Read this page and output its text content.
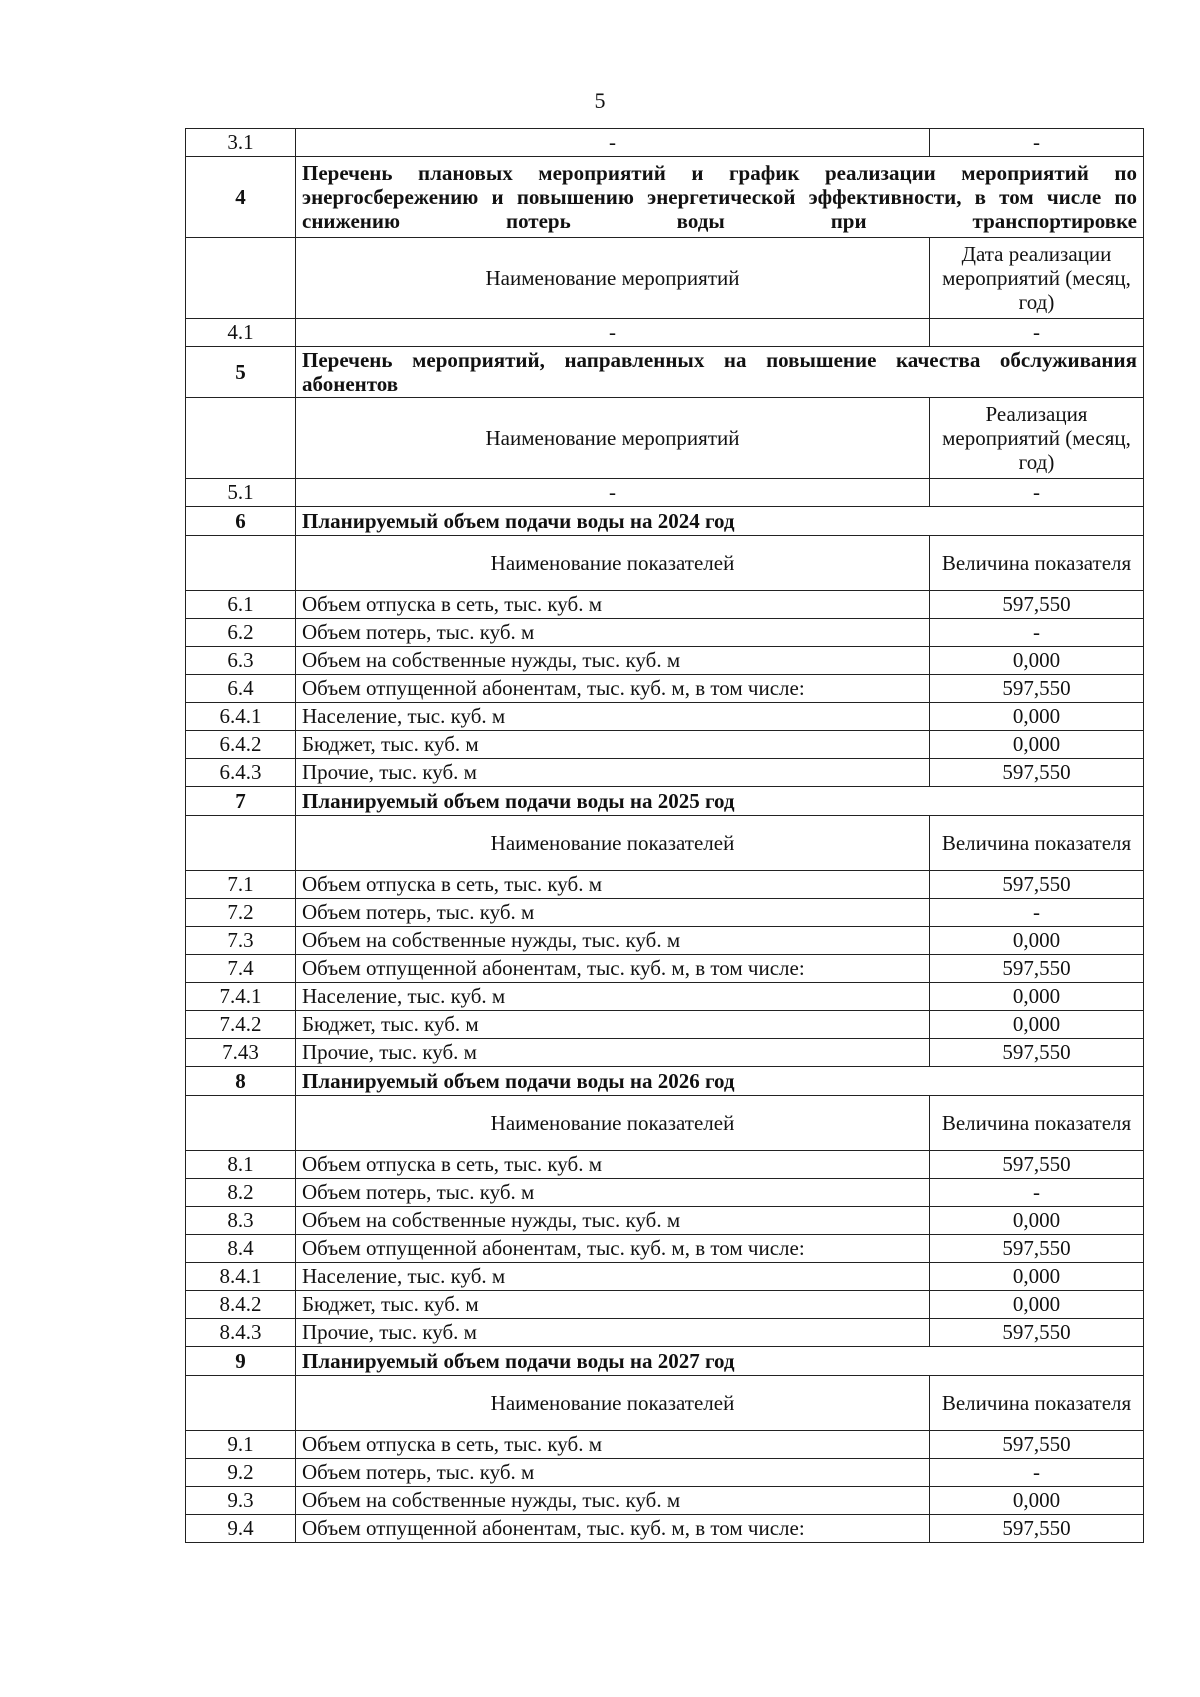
5
3.1	-	-
4	Перечень плановых мероприятий и график реализации мероприятий по энергосбережению и повышению энергетической эффективности, в том числе по снижению потерь воды при транспортировке	
	Наименование мероприятий	Дата реализации мероприятий (месяц, год)
4.1	-	-
5	Перечень мероприятий, направленных на повышение качества обслуживания абонентов	
	Наименование мероприятий	Реализация мероприятий (месяц, год)
5.1	-	-
6	Планируемый объем подачи воды на 2024 год	
	Наименование показателей	Величина показателя
6.1	Объем отпуска в сеть, тыс. куб. м	597,550
6.2	Объем потерь, тыс. куб. м	-
6.3	Объем на собственные нужды, тыс. куб. м	0,000
6.4	Объем отпущенной абонентам, тыс. куб. м, в том числе:	597,550
6.4.1	Население, тыс. куб. м	0,000
6.4.2	Бюджет, тыс. куб. м	0,000
6.4.3	Прочие, тыс. куб. м	597,550
7	Планируемый объем подачи воды на 2025 год	
	Наименование показателей	Величина показателя
7.1	Объем отпуска в сеть, тыс. куб. м	597,550
7.2	Объем потерь, тыс. куб. м	-
7.3	Объем на собственные нужды, тыс. куб. м	0,000
7.4	Объем отпущенной абонентам, тыс. куб. м, в том числе:	597,550
7.4.1	Население, тыс. куб. м	0,000
7.4.2	Бюджет, тыс. куб. м	0,000
7.43	Прочие, тыс. куб. м	597,550
8	Планируемый объем подачи воды на 2026 год	
	Наименование показателей	Величина показателя
8.1	Объем отпуска в сеть, тыс. куб. м	597,550
8.2	Объем потерь, тыс. куб. м	-
8.3	Объем на собственные нужды, тыс. куб. м	0,000
8.4	Объем отпущенной абонентам, тыс. куб. м, в том числе:	597,550
8.4.1	Население, тыс. куб. м	0,000
8.4.2	Бюджет, тыс. куб. м	0,000
8.4.3	Прочие, тыс. куб. м	597,550
9	Планируемый объем подачи воды на 2027 год	
	Наименование показателей	Величина показателя
9.1	Объем отпуска в сеть, тыс. куб. м	597,550
9.2	Объем потерь, тыс. куб. м	-
9.3	Объем на собственные нужды, тыс. куб. м	0,000
9.4	Объем отпущенной абонентам, тыс. куб. м, в том числе:	597,550
